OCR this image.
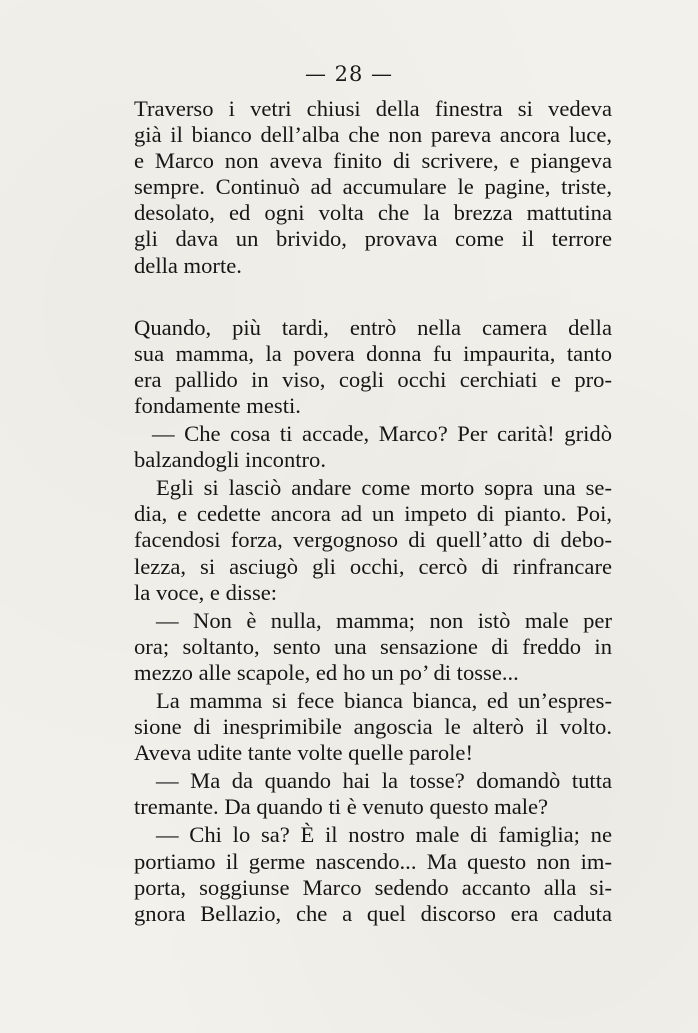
— 28 —
Traverso i vetri chiusi della finestra si vedeva
già il bianco dell’alba che non pareva ancora luce,
e Marco non aveva finito di scrivere, e piangeva
sempre. Continuò ad accumulare le pagine, triste,
desolato, ed ogni volta che la brezza mattutina
gli dava un brivido, provava come il terrore
della morte.
Quando, più tardi, entrò nella camera della
sua mamma, la povera donna fu impaurita, tanto
era pallido in viso, cogli occhi cerchiati e pro-
fondamente mesti.
— Che cosa ti accade, Marco? Per carità! gridò
balzandogli incontro.
Egli si lasciò andare come morto sopra una se-
dia, e cedette ancora ad un impeto di pianto. Poi,
facendosi forza, vergognoso di quell’atto di debo-
lezza, si asciugò gli occhi, cercò di rinfrancare
la voce, e disse:
— Non è nulla, mamma; non istò male per
ora; soltanto, sento una sensazione di freddo in
mezzo alle scapole, ed ho un po’ di tosse...
La mamma si fece bianca bianca, ed un’espres-
sione di inesprimibile angoscia le alterò il volto.
Aveva udite tante volte quelle parole!
— Ma da quando hai la tosse? domandò tutta
tremante. Da quando ti è venuto questo male?
— Chi lo sa? È il nostro male di famiglia; ne
portiamo il germe nascendo... Ma questo non im-
porta, soggiunse Marco sedendo accanto alla si-
gnora Bellazio, che a quel discorso era caduta
